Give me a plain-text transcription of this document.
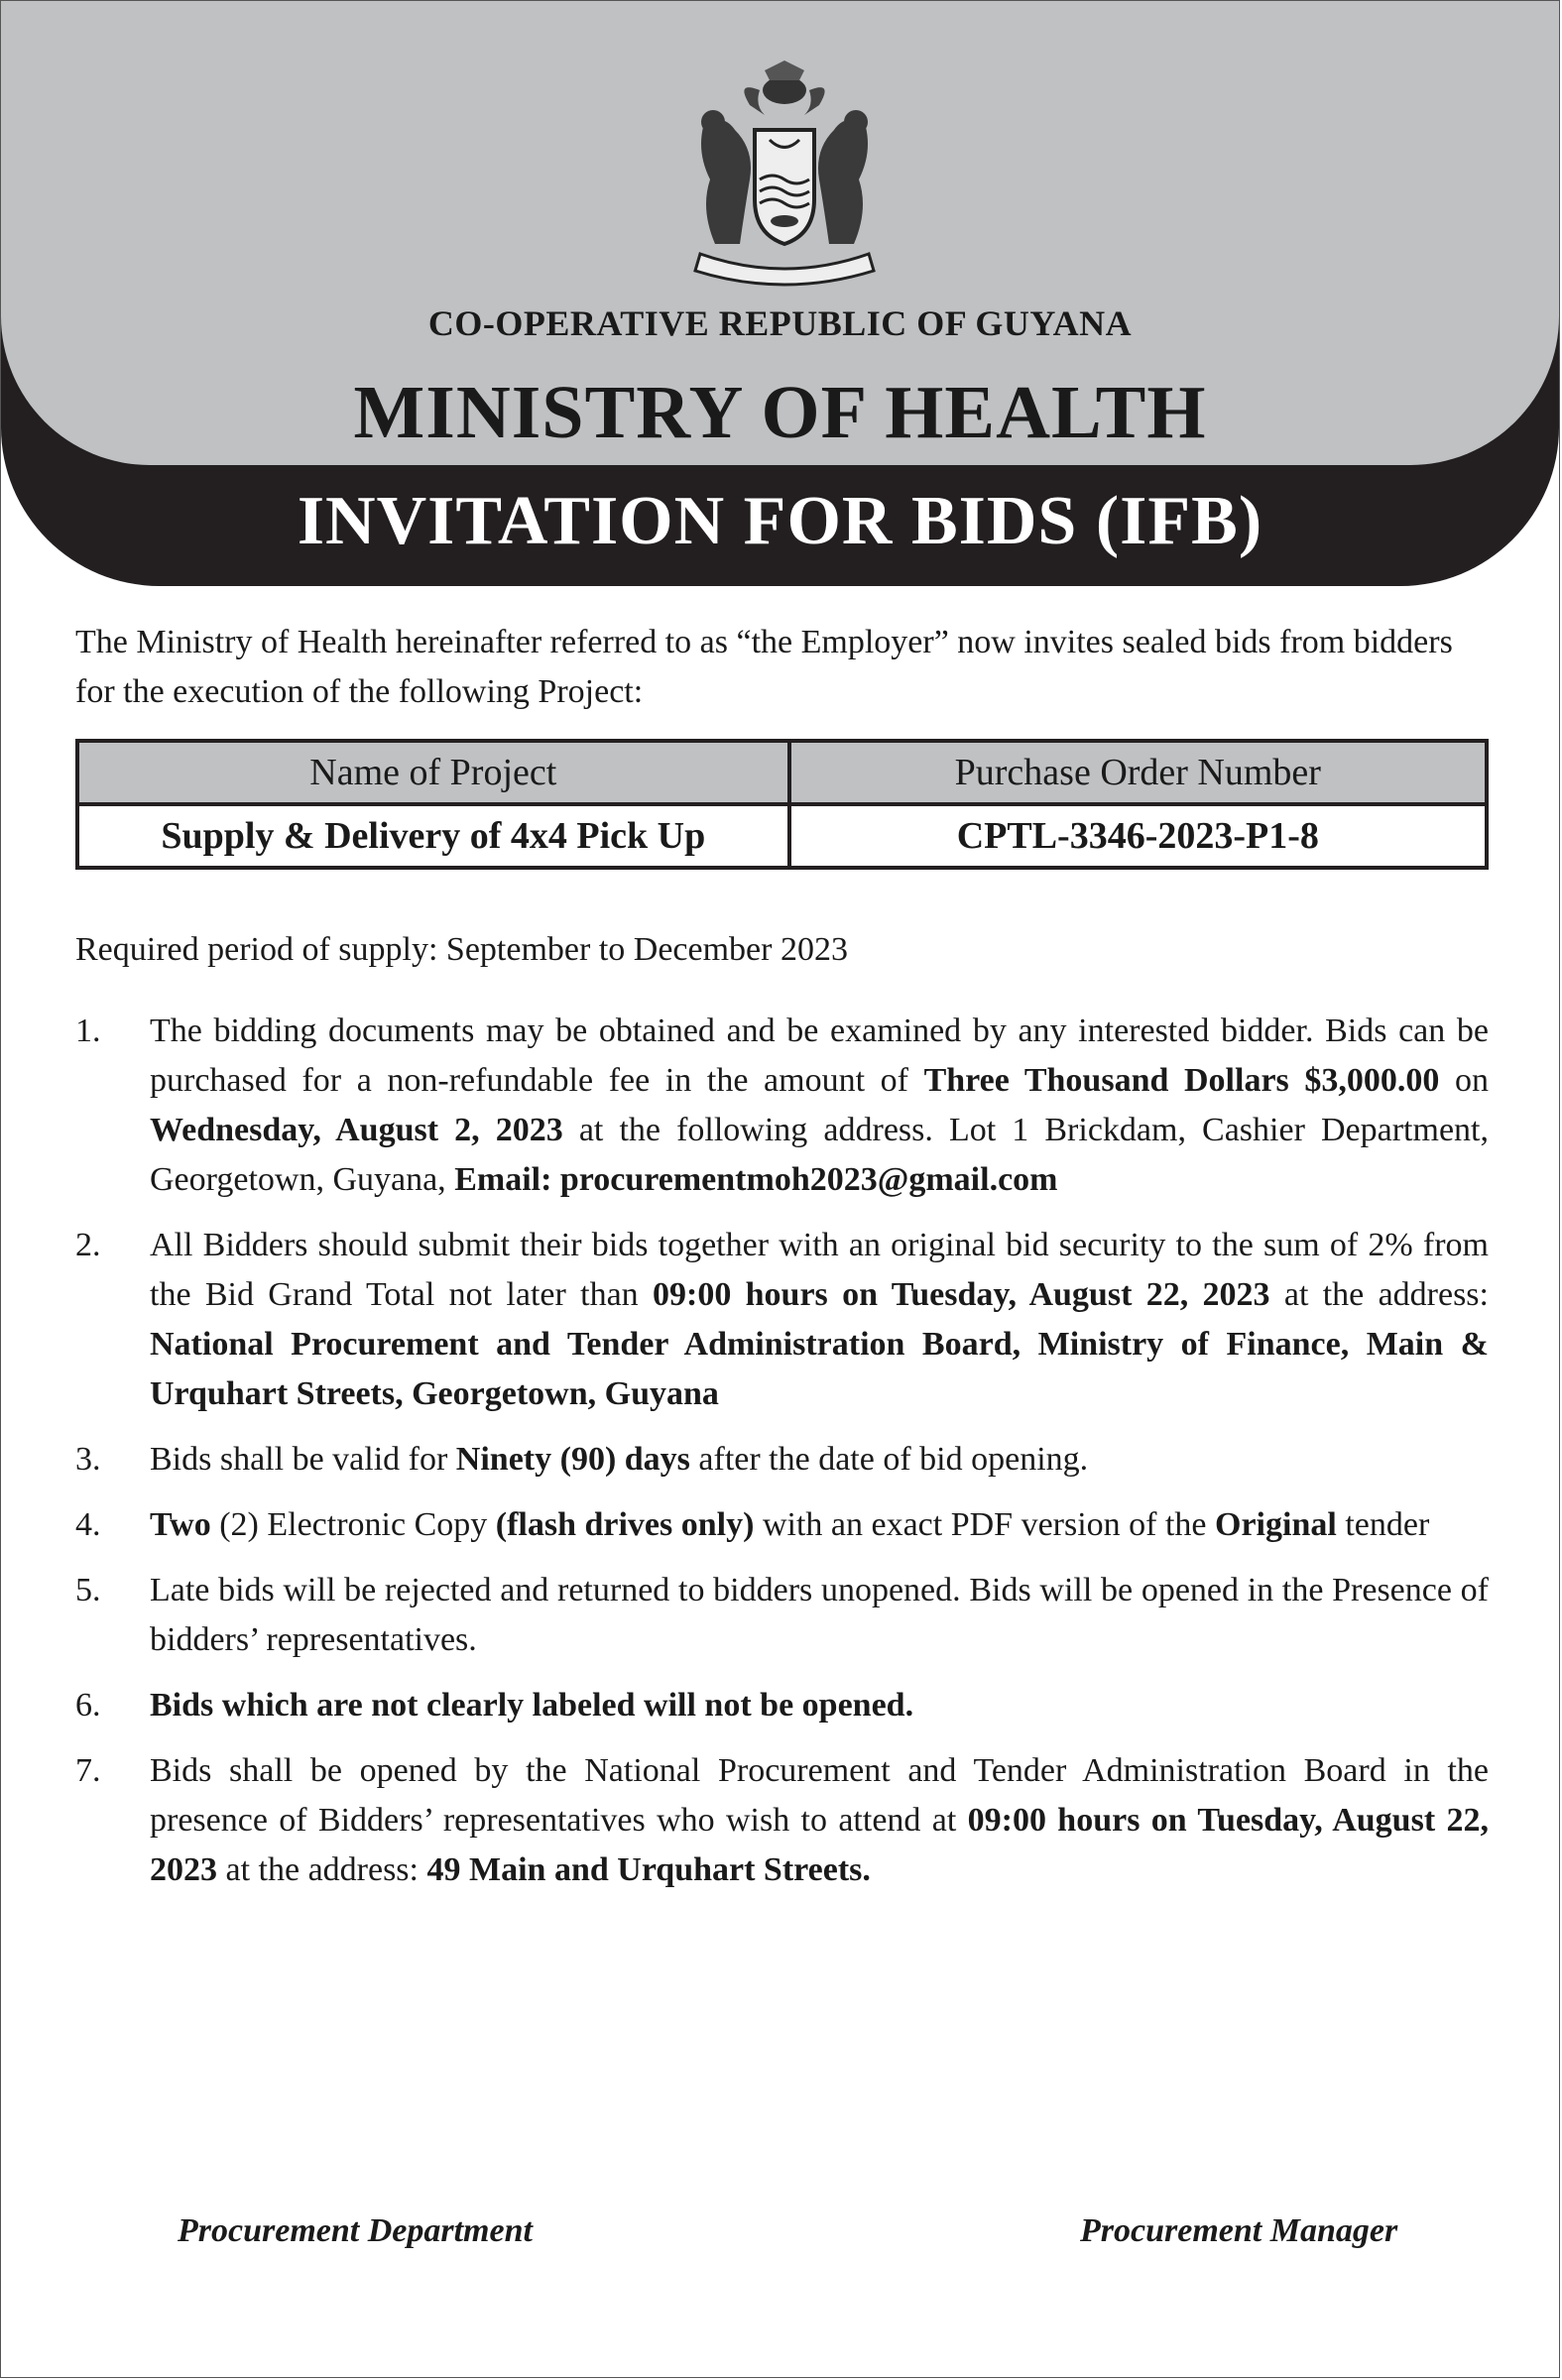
CO-OPERATIVE REPUBLIC OF GUYANA
MINISTRY OF HEALTH
INVITATION FOR BIDS (IFB)

The Ministry of Health hereinafter referred to as “the Employer” now invites sealed bids from bidders for the execution of the following Project:

Name of Project	Purchase Order Number
Supply & Delivery of 4x4 Pick Up	CPTL-3346-2023-P1-8

Required period of supply: September to December 2023

1. The bidding documents may be obtained and be examined by any interested bidder. Bids can be purchased for a non-refundable fee in the amount of Three Thousand Dollars $3,000.00 on Wednesday, August 2, 2023 at the following address. Lot 1 Brickdam, Cashier Department, Georgetown, Guyana, Email: procurementmoh2023@gmail.com
2. All Bidders should submit their bids together with an original bid security to the sum of 2% from the Bid Grand Total not later than 09:00 hours on Tuesday, August 22, 2023 at the address: National Procurement and Tender Administration Board, Ministry of Finance, Main & Urquhart Streets, Georgetown, Guyana
3. Bids shall be valid for Ninety (90) days after the date of bid opening.
4. Two (2) Electronic Copy (flash drives only) with an exact PDF version of the Original tender
5. Late bids will be rejected and returned to bidders unopened. Bids will be opened in the Presence of bidders’ representatives.
6. Bids which are not clearly labeled will not be opened.
7. Bids shall be opened by the National Procurement and Tender Administration Board in the presence of Bidders’ representatives who wish to attend at 09:00 hours on Tuesday, August 22, 2023 at the address: 49 Main and Urquhart Streets.
Procurement Department	Procurement Manager
